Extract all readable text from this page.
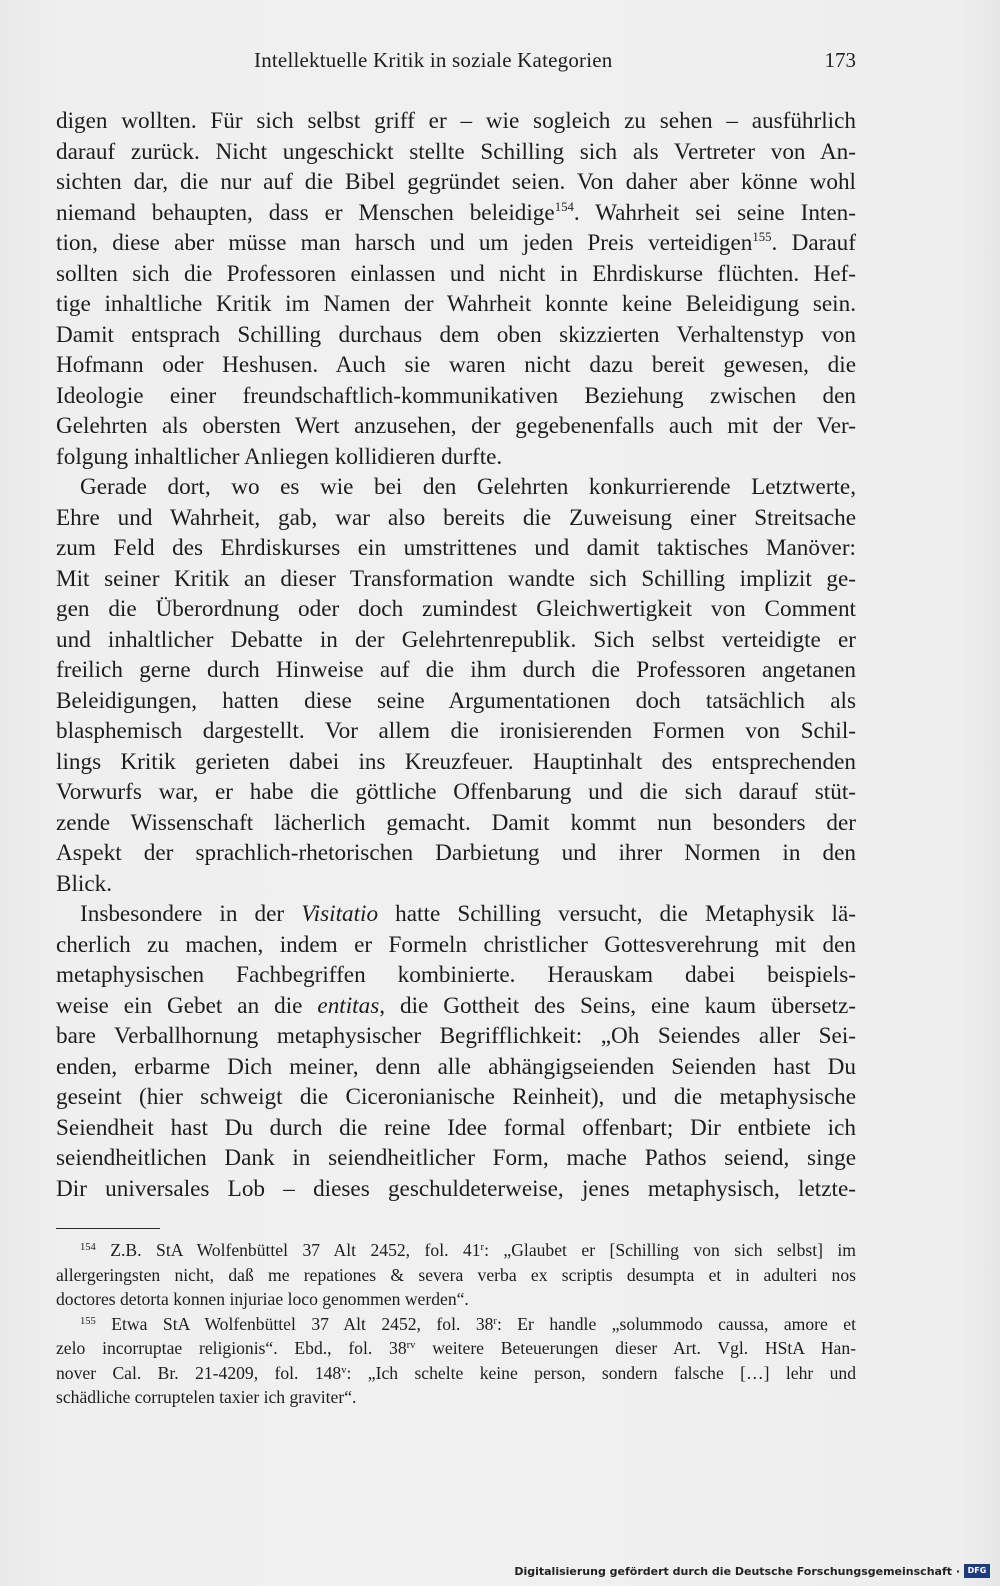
Intellektuelle Kritik in soziale Kategorien	173
digen wollten. Für sich selbst griff er – wie sogleich zu sehen – ausführlich
darauf zurück. Nicht ungeschickt stellte Schilling sich als Vertreter von An-
sichten dar, die nur auf die Bibel gegründet seien. Von daher aber könne wohl
niemand behaupten, dass er Menschen beleidige$^{154}$. Wahrheit sei seine Inten-
tion, diese aber müsse man harsch und um jeden Preis verteidigen$^{155}$. Darauf
sollten sich die Professoren einlassen und nicht in Ehrdiskurse flüchten. Hef-
tige inhaltliche Kritik im Namen der Wahrheit konnte keine Beleidigung sein.
Damit entsprach Schilling durchaus dem oben skizzierten Verhaltenstyp von
Hofmann oder Heshusen. Auch sie waren nicht dazu bereit gewesen, die
Ideologie einer freundschaftlich-kommunikativen Beziehung zwischen den
Gelehrten als obersten Wert anzusehen, der gegebenenfalls auch mit der Ver-
folgung inhaltlicher Anliegen kollidieren durfte.
Gerade dort, wo es wie bei den Gelehrten konkurrierende Letztwerte,
Ehre und Wahrheit, gab, war also bereits die Zuweisung einer Streitsache
zum Feld des Ehrdiskurses ein umstrittenes und damit taktisches Manöver:
Mit seiner Kritik an dieser Transformation wandte sich Schilling implizit ge-
gen die Überordnung oder doch zumindest Gleichwertigkeit von Comment
und inhaltlicher Debatte in der Gelehrtenrepublik. Sich selbst verteidigte er
freilich gerne durch Hinweise auf die ihm durch die Professoren angetanen
Beleidigungen, hatten diese seine Argumentationen doch tatsächlich als
blasphemisch dargestellt. Vor allem die ironisierenden Formen von Schil-
lings Kritik gerieten dabei ins Kreuzfeuer. Hauptinhalt des entsprechenden
Vorwurfs war, er habe die göttliche Offenbarung und die sich darauf stüt-
zende Wissenschaft lächerlich gemacht. Damit kommt nun besonders der
Aspekt der sprachlich-rhetorischen Darbietung und ihrer Normen in den
Blick.
Insbesondere in der Visitatio hatte Schilling versucht, die Metaphysik lä-
cherlich zu machen, indem er Formeln christlicher Gottesverehrung mit den
metaphysischen Fachbegriffen kombinierte. Herauskam dabei beispiels-
weise ein Gebet an die entitas, die Gottheit des Seins, eine kaum übersetz-
bare Verballhornung metaphysischer Begrifflichkeit: „Oh Seiendes aller Sei-
enden, erbarme Dich meiner, denn alle abhängigseienden Seienden hast Du
geseint (hier schweigt die Ciceronianische Reinheit), und die metaphysische
Seiendheit hast Du durch die reine Idee formal offenbart; Dir entbiete ich
seiendheitlichen Dank in seiendheitlicher Form, mache Pathos seiend, singe
Dir universales Lob – dieses geschuldeterweise, jenes metaphysisch, letzte-
$^{154}$ Z.B. StA Wolfenbüttel 37 Alt 2452, fol. 41$^r$: „Glaubet er [Schilling von sich selbst] im
allergeringsten nicht, daß me repationes & severa verba ex scriptis desumpta et in adulteri nos
doctores detorta konnen injuriae loco genommen werden“.
$^{155}$ Etwa StA Wolfenbüttel 37 Alt 2452, fol. 38$^r$: Er handle „solummodo caussa, amore et
zelo incorruptae religionis“. Ebd., fol. $38^{rv}$ weitere Beteuerungen dieser Art. Vgl. HStA Han-
nover Cal. Br. 21-4209, fol. 148$^v$: „Ich schelte keine person, sondern falsche […] lehr und
schädliche corruptelen taxier ich graviter“.
Digitalisierung gefördert durch die Deutsche Forschungsgemeinschaft · DFG
